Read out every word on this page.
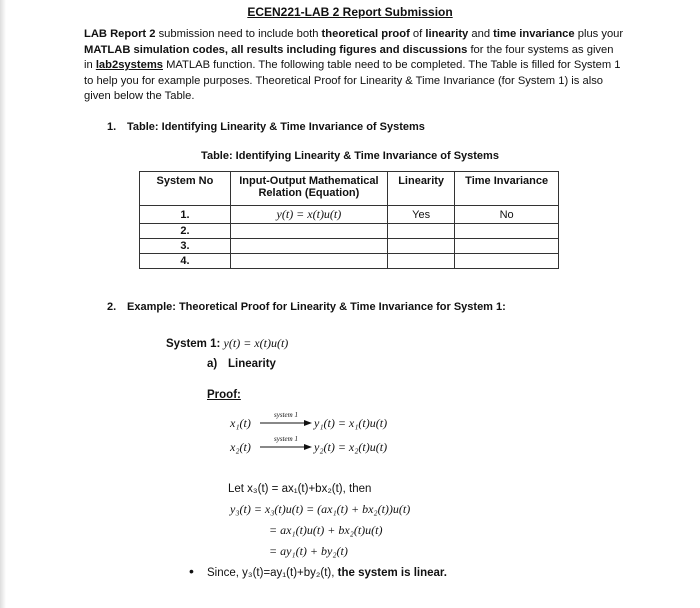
ECEN221-LAB 2 Report Submission
LAB Report 2 submission need to include both theoretical proof of linearity and time invariance plus your MATLAB simulation codes, all results including figures and discussions for the four systems as given in lab2systems MATLAB function. The following table need to be completed. The Table is filled for System 1 to help you for example purposes. Theoretical Proof for Linearity & Time Invariance (for System 1) is also given below the Table.
1. Table: Identifying Linearity & Time Invariance of Systems
Table: Identifying Linearity & Time Invariance of Systems
System No	Input-Output Mathematical Relation (Equation)	Linearity	Time Invariance
1.	y(t) = x(t)u(t)	Yes	No
2.			
3.			
4.			
2. Example: Theoretical Proof for Linearity & Time Invariance for System 1:
System 1: y(t) = x(t)u(t)
a) Linearity
Proof:
x₁(t)
system 1
y₁(t) = x₁(t)u(t)
x₂(t)
system 1
y₂(t) = x₂(t)u(t)
Let x₃(t) = ax₁(t)+bx₂(t), then
y₃(t) = x₃(t)u(t) = (ax₁(t) + bx₂(t))u(t)
= ax₁(t)u(t) + bx₂(t)u(t)
= ay₁(t) + by₂(t)
• Since, y₃(t)=ay₁(t)+by₂(t), the system is linear.
